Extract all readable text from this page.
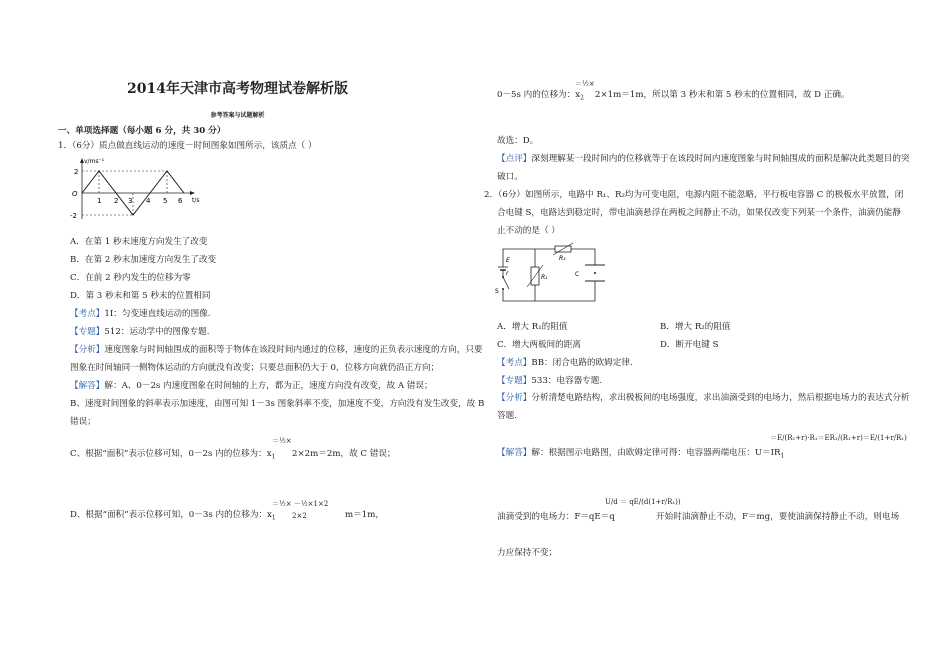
2014年天津市高考物理试卷解析版
参考答案与试题解析
一、单项选择题（每小题 6 分，共 30 分）
1．（6分）质点做直线运动的速度－时间图象如图所示，该质点（ ）
v/ms⁻¹
t/s
O
2
-2
1 2 3 4 5 6
A．在第 1 秒末速度方向发生了改变
B．在第 2 秒末加速度方向发生了改变
C．在前 2 秒内发生的位移为零
D．第 3 秒末和第 5 秒末的位置相同
【考点】1I：匀变速直线运动的图像.
【专题】512：运动学中的图像专题.
【分析】速度图象与时间轴围成的面积等于物体在该段时间内通过的位移，速度的正负表示速度的方向，只要
图象在时间轴同一侧物体运动的方向就没有改变；只要总面积仍大于 0，位移方向就仍沿正方向；
【解答】解：A、0－2s 内速度图象在时间轴的上方，都为正，速度方向没有改变，故 A 错误；
B、速度时间图象的斜率表示加速度，由图可知 1－3s 图象斜率不变，加速度不变，方向没有发生改变，故 B
错误；
C、根据“面积”表示位移可知，0－2s 内的位移为：$x_1$
＝½×
2×2m＝2m，故 C 错误；
D、根据“面积”表示位移可知，0－3s 内的位移为：$x_1$
＝½× －½×1×2
2×2	m＝1m，
0－5s 内的位移为：$x_2$
＝½×
2×1m＝1m，所以第 3 秒末和第 5 秒末的位置相同，故 D 正确。
故选：D。
【点评】深刻理解某一段时间内的位移就等于在该段时间内速度图象与时间轴围成的面积是解决此类题目的突
破口。
2．（6分）如图所示，电路中 R₁、R₂均为可变电阻，电源内阻不能忽略，平行板电容器 C 的极板水平放置，闭
合电键 S，电路达到稳定时，带电油滴悬浮在两板之间静止不动，如果仅改变下列某一个条件，油滴仍能静
止不动的是（ ）
E
r
R₂
R₁	C
S
A．增大 R₁的阻值	B．增大 R₂的阻值
C．增大两板间的距离	D．断开电键 S
【考点】BB：闭合电路的欧姆定律.
【专题】533：电容器专题.
【分析】分析清楚电路结构，求出极板间的电场强度，求出油滴受到的电场力，然后根据电场力的表达式分析
答题.
【解答】解：根据图示电路图，由欧姆定律可得：电容器两端电压：$U=IR_1$
＝E/(R₁+r)·R₁＝ER₁/(R₁+r)＝E/(1+r/R₁)
油滴受到的电场力：F＝qE＝q
U/d ＝ qE/(d(1+r/R₁))
开始时油滴静止不动，F＝mg，要使油滴保持静止不动，则电场
力应保持不变；
